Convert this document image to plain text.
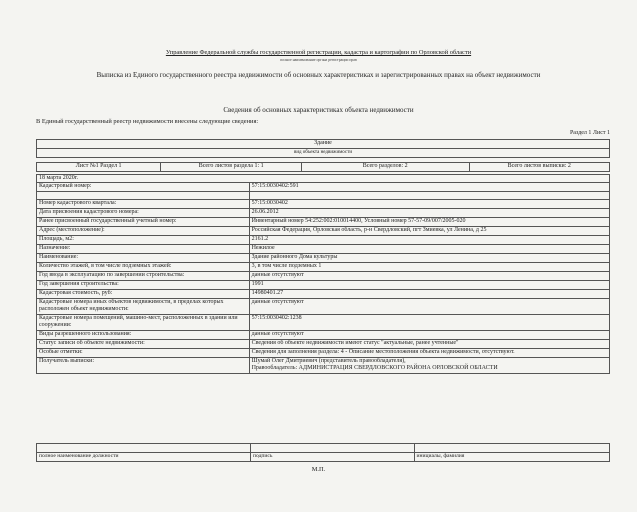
Управление Федеральной службы государственной регистрации, кадастра и картографии по Орловской области
полное наименование органа регистрации прав
Выписка из Единого государственного реестра недвижимости об основных характеристиках и зарегистрированных правах на объект недвижимости
Сведения об основных характеристиках объекта недвижимости
В Единый государственный реестр недвижимости внесены следующие сведения:
Раздел 1 Лист 1
Здание
вид объекта недвижимости
Лист №1 Раздел 1	Всего листов раздела 1: 1	Всего разделов: 2	Всего листов выписки: 2
18 марта 2020г.	
Кадастровый номер:	57:15:0030402:591

Номер кадастрового квартала:	57:15:0030402
Дата присвоения кадастрового номера:	26.06.2012
Ранее присвоенный государственный учетный номер:	Инвентарный номер 54:252:002:010014400, Условный номер 57-57-09/007/2005-020
Адрес (местоположение):	Российская Федерация, Орловская область, р-н Свердловский, пгт Змиевка, ул Ленина, д 25
Площадь, м2:	2161.2
Назначение:	Нежилое
Наименование:	Здание районного Дома культуры
Количество этажей, в том числе подземных этажей:	3, в том числе подземных 1
Год ввода в эксплуатацию по завершении строительства:	данные отсутствуют
Год завершения строительства:	1991
Кадастровая стоимость, руб:	14980401.27
Кадастровые номера иных объектов недвижимости, в пределах которых расположен объект недвижимости:	данные отсутствуют
Кадастровые номера помещений, машино-мест, расположенных в здании или сооружении:	57:15:0030402:1238
Виды разрешенного использования:	данные отсутствуют
Статус записи об объекте недвижимости:	Сведения об объекте недвижимости имеют статус "актуальные, ранее учтенные"
Особые отметки:	Сведения для заполнения раздела: 4 - Описание местоположения объекта недвижимости, отсутствуют.
Получатель выписки:	Шумай Олег Дмитриевич (представитель правообладателя),
Правообладатель: АДМИНИСТРАЦИЯ СВЕРДЛОВСКОГО РАЙОНА ОРЛОВСКОЙ ОБЛАСТИ

полное наименование должности	подпись	инициалы, фамилия
М.П.
